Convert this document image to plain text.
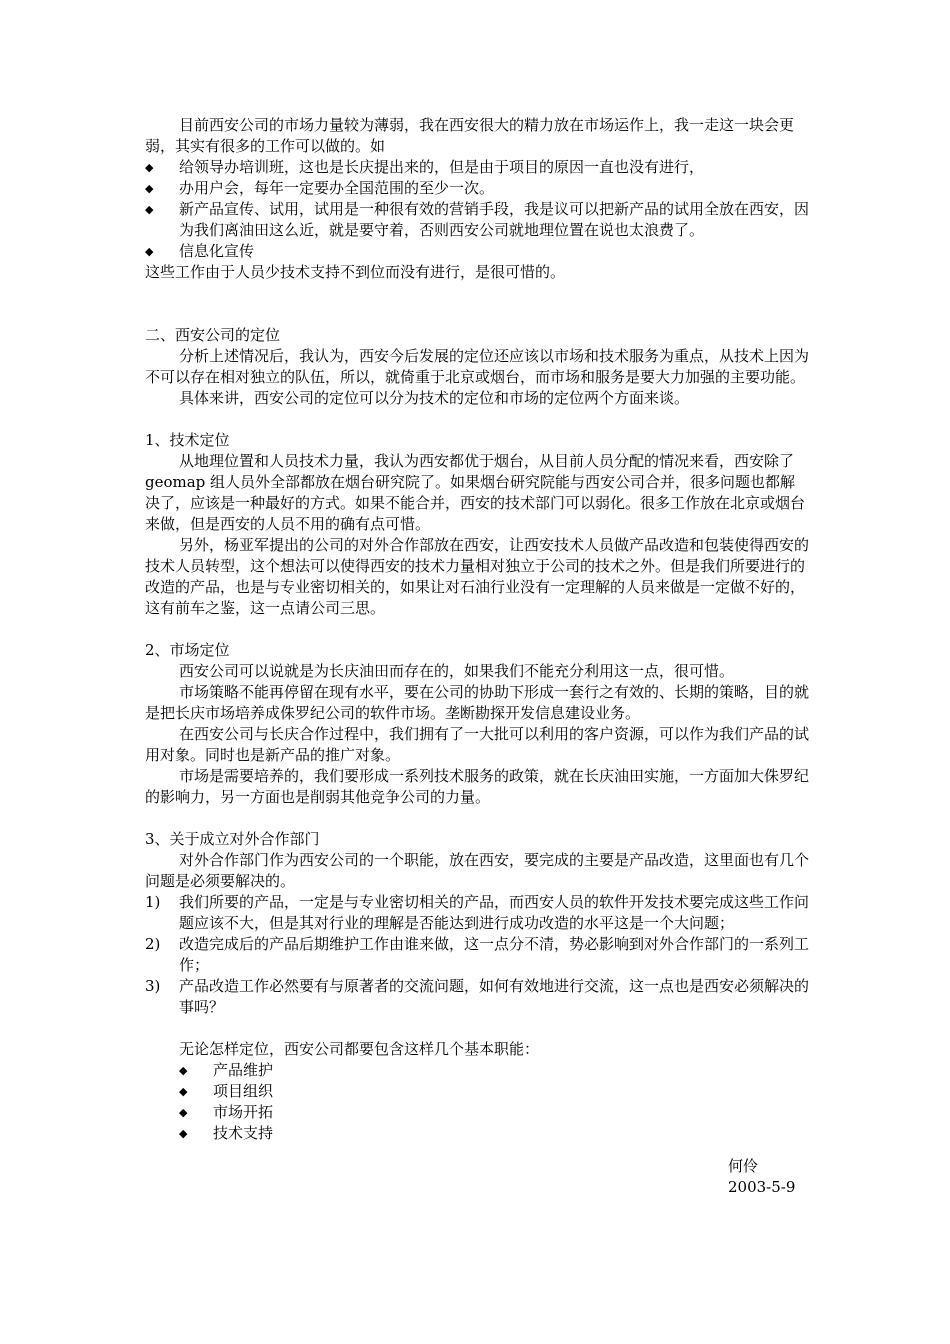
目前西安公司的市场力量较为薄弱，我在西安很大的精力放在市场运作上，我一走这一块会更弱，其实有很多的工作可以做的。如

◆	给领导办培训班，这也是长庆提出来的，但是由于项目的原因一直也没有进行，
◆	办用户会，每年一定要办全国范围的至少一次。
◆	新产品宣传、试用，试用是一种很有效的营销手段，我是议可以把新产品的试用全放在西安，因为我们离油田这么近，就是要守着，否则西安公司就地理位置在说也太浪费了。
◆	信息化宣传

这些工作由于人员少技术支持不到位而没有进行，是很可惜的。

二、西安公司的定位

分析上述情况后，我认为，西安今后发展的定位还应该以市场和技术服务为重点，从技术上因为不可以存在相对独立的队伍，所以，就倚重于北京或烟台，而市场和服务是要大力加强的主要功能。

具体来讲，西安公司的定位可以分为技术的定位和市场的定位两个方面来谈。

1、技术定位

从地理位置和人员技术力量，我认为西安都优于烟台，从目前人员分配的情况来看，西安除了 geomap 组人员外全部都放在烟台研究院了。如果烟台研究院能与西安公司合并，很多问题也都解决了，应该是一种最好的方式。如果不能合并，西安的技术部门可以弱化。很多工作放在北京或烟台来做，但是西安的人员不用的确有点可惜。

另外，杨亚军提出的公司的对外合作部放在西安，让西安技术人员做产品改造和包装使得西安的技术人员转型，这个想法可以使得西安的技术力量相对独立于公司的技术之外。但是我们所要进行的改造的产品，也是与专业密切相关的，如果让对石油行业没有一定理解的人员来做是一定做不好的，这有前车之鉴，这一点请公司三思。

2、市场定位

西安公司可以说就是为长庆油田而存在的，如果我们不能充分利用这一点，很可惜。

市场策略不能再停留在现有水平，要在公司的协助下形成一套行之有效的、长期的策略，目的就是把长庆市场培养成侏罗纪公司的软件市场。垄断勘探开发信息建设业务。

在西安公司与长庆合作过程中，我们拥有了一大批可以利用的客户资源，可以作为我们产品的试用对象。同时也是新产品的推广对象。

市场是需要培养的，我们要形成一系列技术服务的政策，就在长庆油田实施，一方面加大侏罗纪的影响力，另一方面也是削弱其他竞争公司的力量。

3、关于成立对外合作部门

对外合作部门作为西安公司的一个职能，放在西安，要完成的主要是产品改造，这里面也有几个问题是必须要解决的。

1)	我们所要的产品，一定是与专业密切相关的产品，而西安人员的软件开发技术要完成这些工作问题应该不大，但是其对行业的理解是否能达到进行成功改造的水平这是一个大问题；
2)	改造完成后的产品后期维护工作由谁来做，这一点分不清，势必影响到对外合作部门的一系列工作；
3)	产品改造工作必然要有与原著者的交流问题，如何有效地进行交流，这一点也是西安必须解决的事吗？

无论怎样定位，西安公司都要包含这样几个基本职能：

◆	产品维护
◆	项目组织
◆	市场开拓
◆	技术支持
何伶
2003-5-9
